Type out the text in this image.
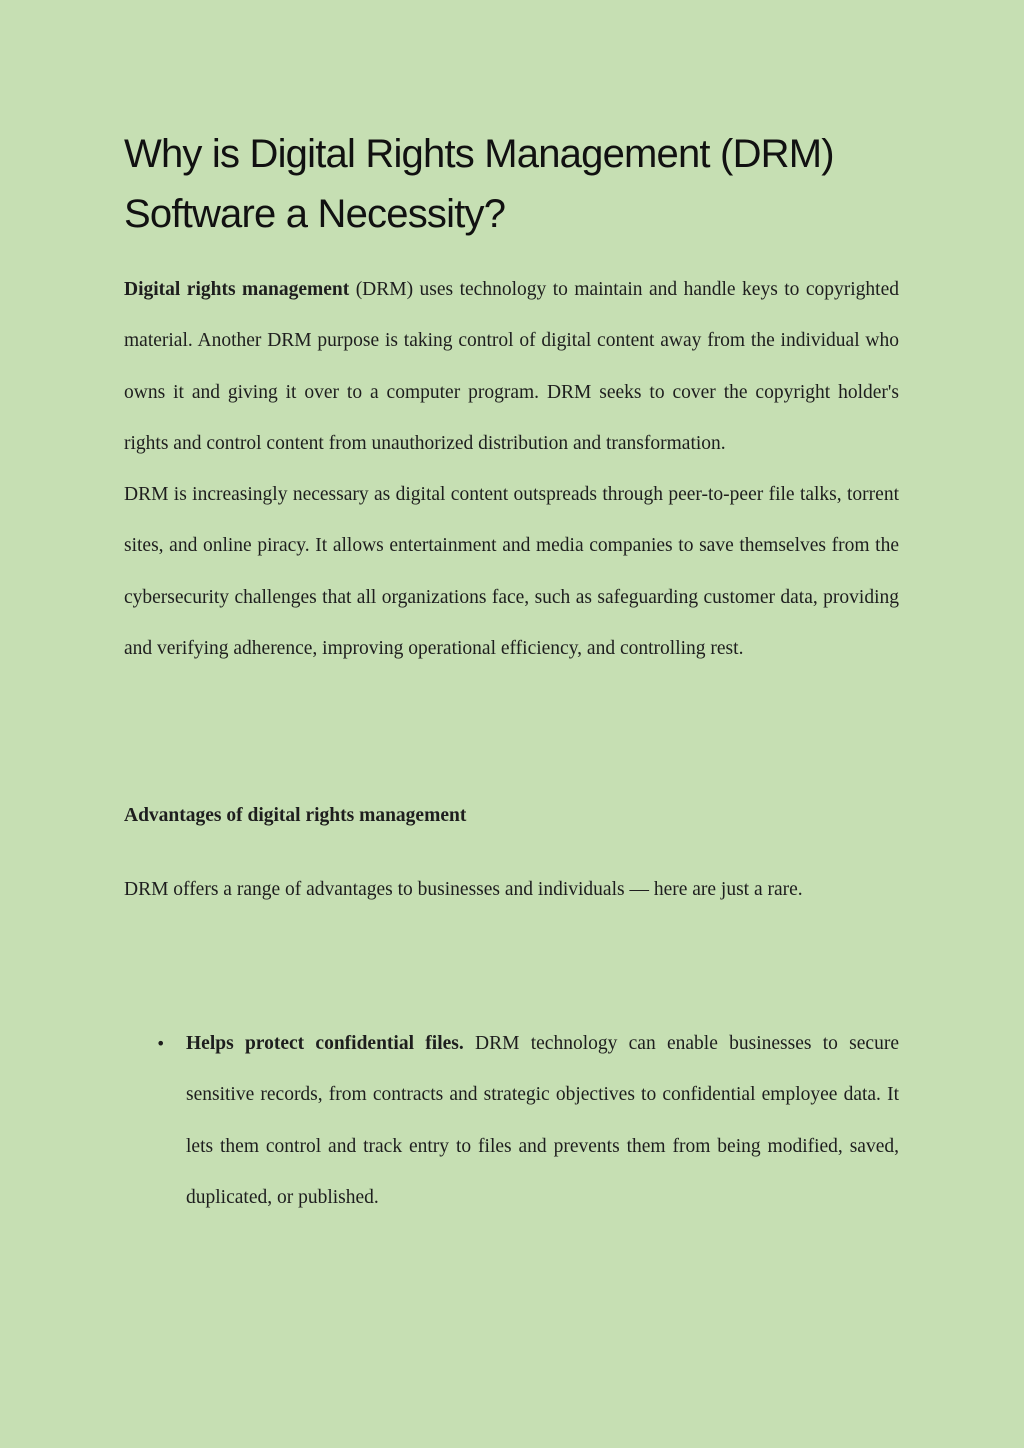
Why is Digital Rights Management (DRM) Software a Necessity?

Digital rights management (DRM) uses technology to maintain and handle keys to copyrighted material. Another DRM purpose is taking control of digital content away from the individual who owns it and giving it over to a computer program. DRM seeks to cover the copyright holder's rights and control content from unauthorized distribution and transformation.

DRM is increasingly necessary as digital content outspreads through peer-to-peer file talks, torrent sites, and online piracy. It allows entertainment and media companies to save themselves from the cybersecurity challenges that all organizations face, such as safeguarding customer data, providing and verifying adherence, improving operational efficiency, and controlling rest.

Advantages of digital rights management

DRM offers a range of advantages to businesses and individuals — here are just a rare.

• Helps protect confidential files. DRM technology can enable businesses to secure sensitive records, from contracts and strategic objectives to confidential employee data. It lets them control and track entry to files and prevents them from being modified, saved, duplicated, or published.
